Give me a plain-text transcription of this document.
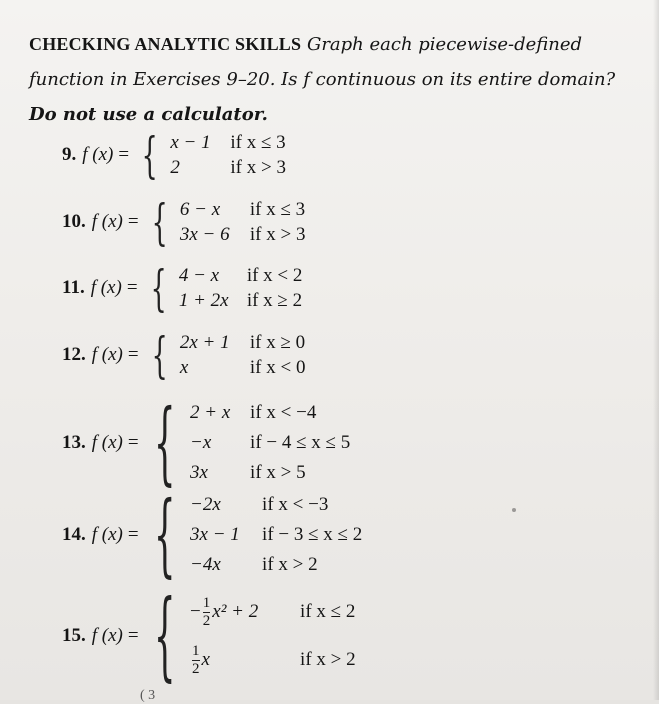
CHECKING ANALYTIC SKILLS Graph each piecewise-defined function in Exercises 9–20. Is f continuous on its entire domain? Do not use a calculator.
9. f (x) = { x − 1	if x ≤ 3
2	if x > 3
10. f (x) = { 6 − x	if x ≤ 3
3x − 6	if x > 3
11. f (x) = { 4 − x	if x < 2
1 + 2x if x ≥ 2
12. f (x) = { 2x + 1	if x ≥ 0
x	if x < 0
13. f (x) = { 2 + x	if x < −4
−x	if − 4 ≤ x ≤ 5
3x	if x > 5
14. f (x) = { −2x	if x < −3
3x − 1	if − 3 ≤ x ≤ 2
−4x	if x > 2
15. f (x) = { − $\frac{1}{2} x^2 + 2$	if x ≤ 2
$\frac{1}{2}$ x	if x > 2
( 3
